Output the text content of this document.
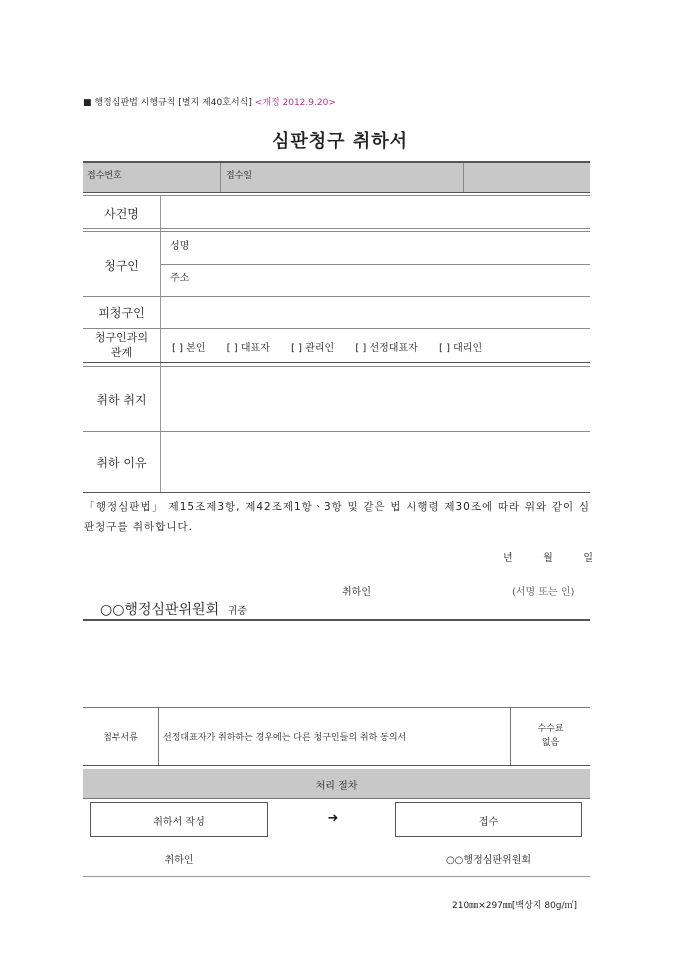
■ 행정심판법 시행규칙 [별지 제40호서식] <개정 2012.9.20>
심판청구 취하서
접수번호	접수일
사건명
청구인
성명
주소
피청구인
청구인과의
관계	[ ] 본인 [ ] 대표자 [ ] 관리인 [ ] 선정대표자 [ ] 대리인
취하 취지
취하 이유
「행정심판법」 제15조제3항, 제42조제1항ㆍ3항 및 같은 법 시행령 제30조에 따라 위와 같이 심판청구를 취하합니다.
년	월	일
취하인	(서명 또는 인)
○○행정심판위원회 귀중
첨부서류	선정대표자가 취하하는 경우에는 다른 청구인들의 취하 동의서
수수료
없음
처리 절차
취하서 작성	➜	접수
취하인	○○행정심판위원회
210㎜×297㎜[백상지 80g/㎡]
